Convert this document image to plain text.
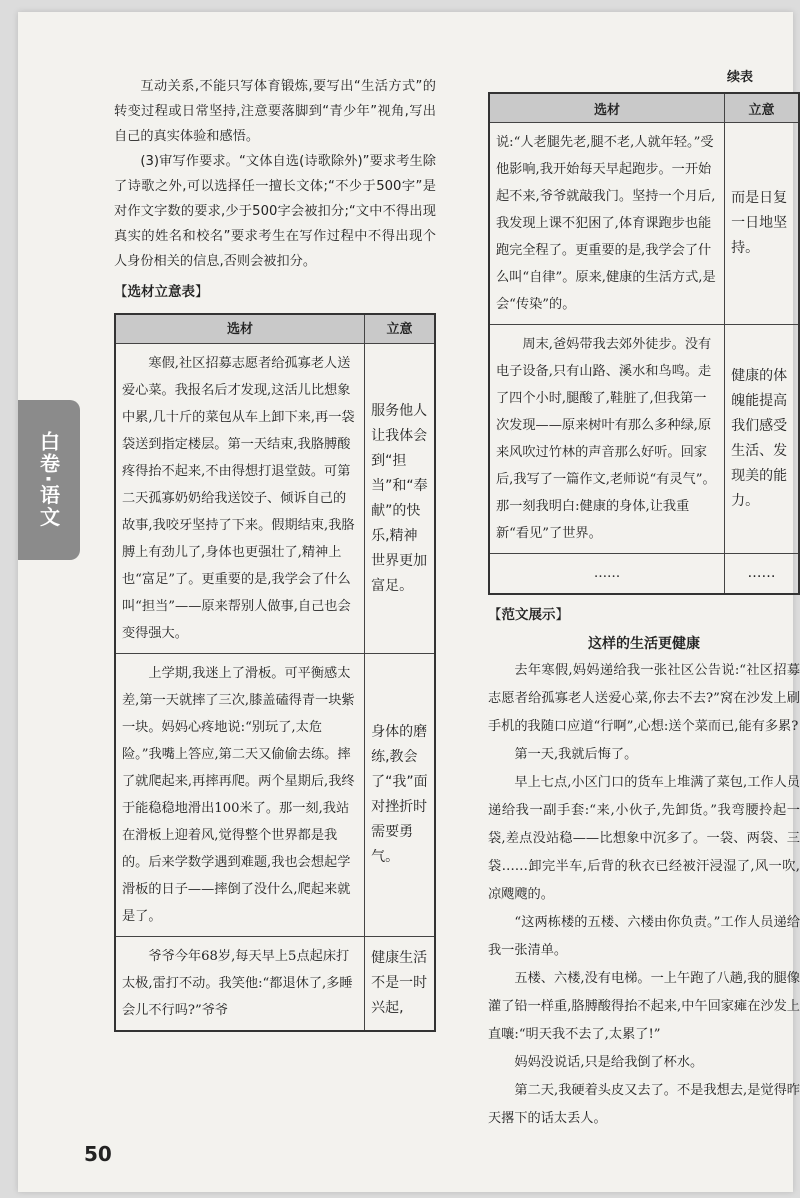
白卷·语文
续表

互动关系,不能只写体育锻炼,要写出“生活方式”的转变过程或日常坚持,注意要落脚到“青少年”视角,写出自己的真实体验和感悟。

(3)审写作要求。“文体自选(诗歌除外)”要求考生除了诗歌之外,可以选择任一擅长文体;“不少于500字”是对作文字数的要求,少于500字会被扣分;“文中不得出现真实的姓名和校名”要求考生在写作过程中不得出现个人身份相关的信息,否则会被扣分。

【选材立意表】
选材	立意

寒假,社区招募志愿者给孤寡老人送爱心菜。我报名后才发现,这活儿比想象中累,几十斤的菜包从车上卸下来,再一袋袋送到指定楼层。第一天结束,我胳膊酸疼得抬不起来,不由得想打退堂鼓。可第二天孤寡奶奶给我送饺子、倾诉自己的故事,我咬牙坚持了下来。假期结束,我胳膊上有劲儿了,身体也更强壮了,精神上也“富足”了。更重要的是,我学会了什么叫“担当”——原来帮别人做事,自己也会变得强大。	服务他人让我体会到“担当”和“奉献”的快乐,精神世界更加富足。

上学期,我迷上了滑板。可平衡感太差,第一天就摔了三次,膝盖磕得青一块紫一块。妈妈心疼地说:“别玩了,太危险。”我嘴上答应,第二天又偷偷去练。摔了就爬起来,再摔再爬。两个星期后,我终于能稳稳地滑出100米了。那一刻,我站在滑板上迎着风,觉得整个世界都是我的。后来学数学遇到难题,我也会想起学滑板的日子——摔倒了没什么,爬起来就是了。	身体的磨练,教会了“我”面对挫折时需要勇气。

爷爷今年68岁,每天早上5点起床打太极,雷打不动。我笑他:“都退休了,多睡会儿不行吗?”爷爷	健康生活不是一时兴起,
选材	立意
说:“人老腿先老,腿不老,人就年轻。”受他影响,我开始每天早起跑步。一开始起不来,爷爷就敲我门。坚持一个月后,我发现上课不犯困了,体育课跑步也能跑完全程了。更重要的是,我学会了什么叫“自律”。原来,健康的生活方式,是会“传染”的。	而是日复一日地坚持。

周末,爸妈带我去郊外徒步。没有电子设备,只有山路、溪水和鸟鸣。走了四个小时,腿酸了,鞋脏了,但我第一次发现——原来树叶有那么多种绿,原来风吹过竹林的声音那么好听。回家后,我写了一篇作文,老师说“有灵气”。那一刻我明白:健康的身体,让我重新“看见”了世界。	健康的体魄能提高我们感受生活、发现美的能力。
……	……
【范文展示】
这样的生活更健康

去年寒假,妈妈递给我一张社区公告说:“社区招募志愿者给孤寡老人送爱心菜,你去不去?”窝在沙发上刷手机的我随口应道“行啊”,心想:送个菜而已,能有多累?

第一天,我就后悔了。

早上七点,小区门口的货车上堆满了菜包,工作人员递给我一副手套:“来,小伙子,先卸货。”我弯腰拎起一袋,差点没站稳——比想象中沉多了。一袋、两袋、三袋……卸完半车,后背的秋衣已经被汗浸湿了,风一吹,凉飕飕的。

“这两栋楼的五楼、六楼由你负责。”工作人员递给我一张清单。

五楼、六楼,没有电梯。一上午跑了八趟,我的腿像灌了铅一样重,胳膊酸得抬不起来,中午回家瘫在沙发上直嚷:“明天我不去了,太累了!”

妈妈没说话,只是给我倒了杯水。

第二天,我硬着头皮又去了。不是我想去,是觉得昨天撂下的话太丢人。

50
